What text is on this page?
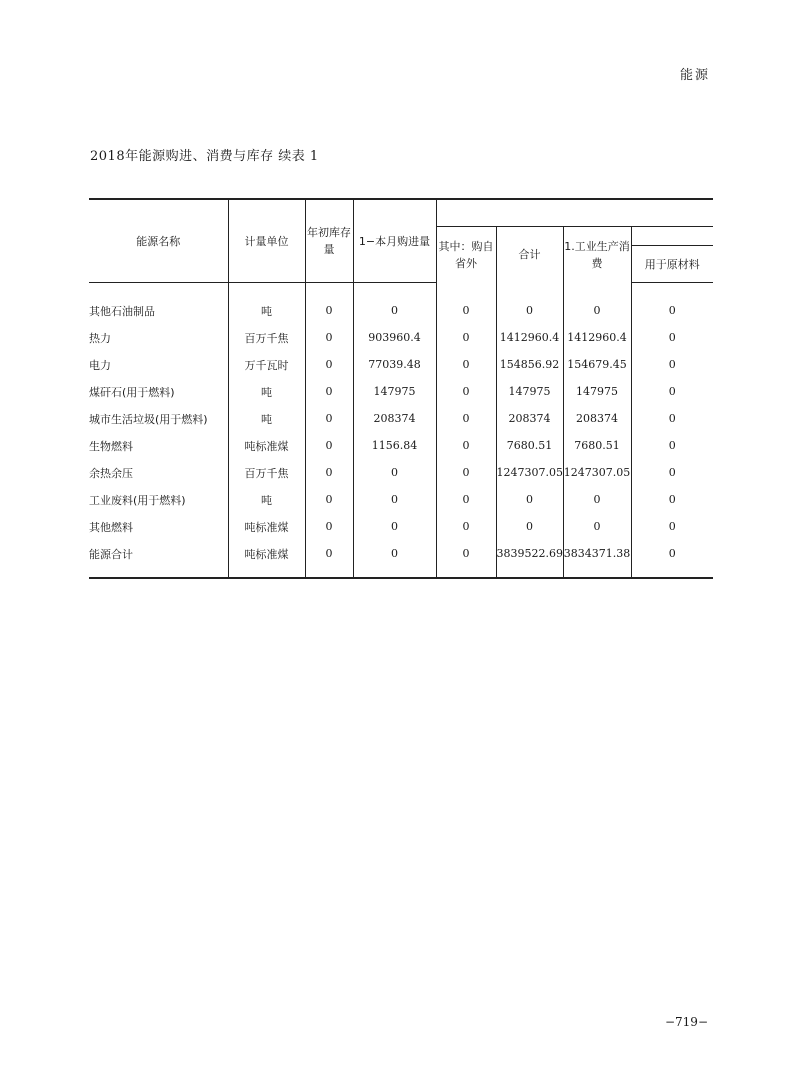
能源
2018年能源购进、消费与库存 续表 1
能源名称	计量单位	年初库存量	1−本月购进量				
				其中：购自省外	合计	1.工业生产消费	
							用于原材料
其他石油制品	吨	0	0	0	0	0	0
热力	百万千焦	0	903960.4	0	1412960.4	1412960.4	0
电力	万千瓦时	0	77039.48	0	154856.92	154679.45	0
煤矸石(用于燃料)	吨	0	147975	0	147975	147975	0
城市生活垃圾(用于燃料)	吨	0	208374	0	208374	208374	0
生物燃料	吨标准煤	0	1156.84	0	7680.51	7680.51	0
余热余压	百万千焦	0	0	0	1247307.05	1247307.05	0
工业废料(用于燃料)	吨	0	0	0	0	0	0
其他燃料	吨标准煤	0	0	0	0	0	0
能源合计	吨标准煤	0	0	0	3839522.69	3834371.38	0
−719−
